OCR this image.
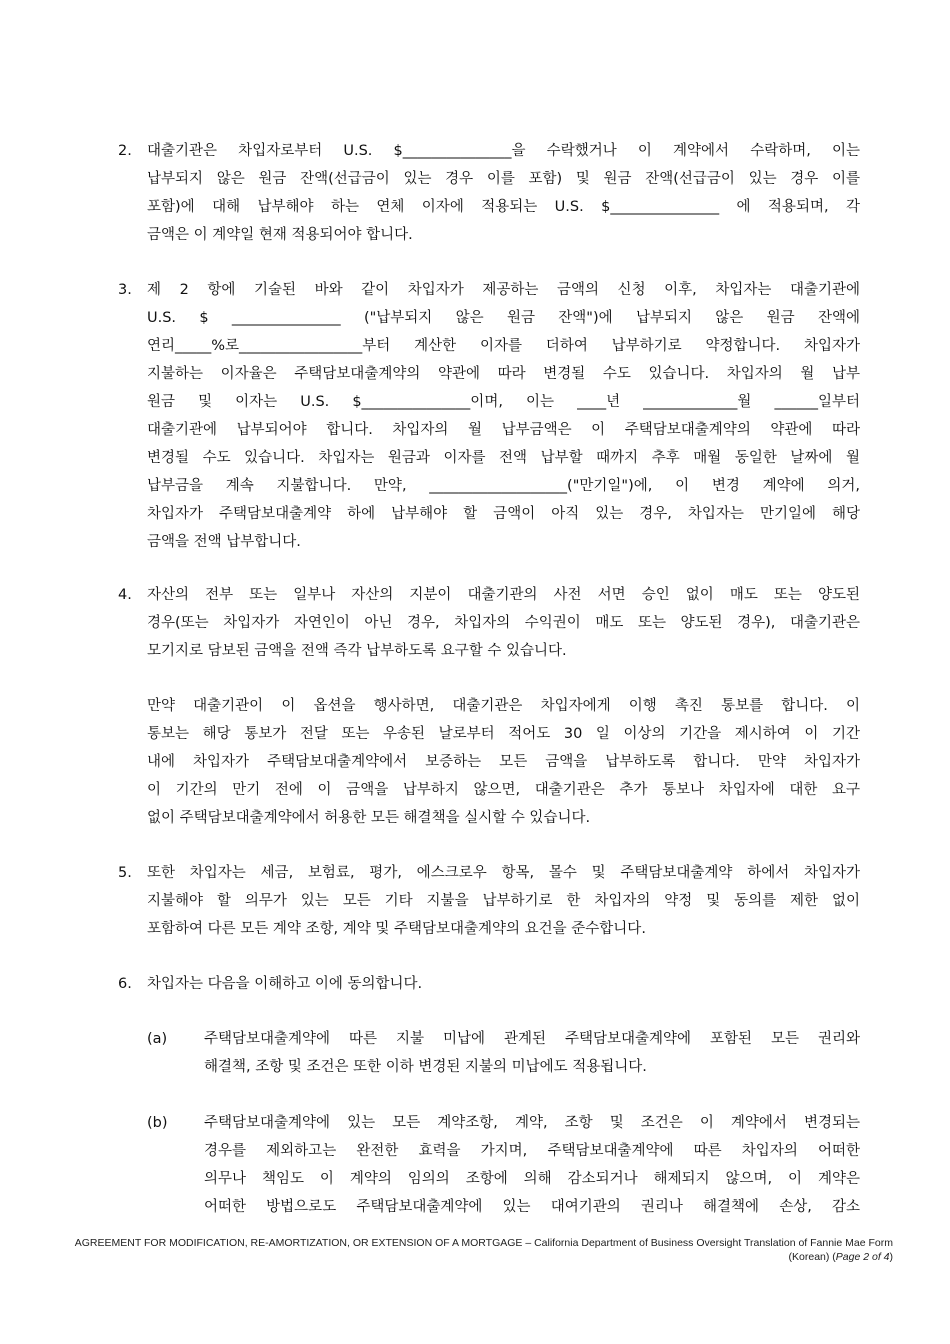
2. 대출기관은 차입자로부터 U.S. $_______________을 수락했거나 이 계약에서 수락하며, 이는
납부되지 않은 원금 잔액(선급금이 있는 경우 이를 포함) 및 원금 잔액(선급금이 있는 경우 이를
포함)에 대해 납부해야 하는 연체 이자에 적용되는 U.S. $_______________ 에 적용되며, 각
금액은 이 계약일 현재 적용되어야 합니다.
3. 제 2 항에 기술된 바와 같이 차입자가 제공하는 금액의 신청 이후, 차입자는 대출기관에
U.S. $ _______________ ("납부되지 않은 원금 잔액")에 납부되지 않은 원금 잔액에
연리_____%로_________________부터 계산한 이자를 더하여 납부하기로 약정합니다. 차입자가
지불하는 이자율은 주택담보대출계약의 약관에 따라 변경될 수도 있습니다. 차입자의 월 납부
원금 및 이자는 U.S. $_______________이며, 이는 ____년 _____________월 ______일부터
대출기관에 납부되어야 합니다. 차입자의 월 납부금액은 이 주택담보대출계약의 약관에 따라
변경될 수도 있습니다. 차입자는 원금과 이자를 전액 납부할 때까지 추후 매월 동일한 날짜에 월
납부금을 계속 지불합니다. 만약, ___________________("만기일")에, 이 변경 계약에 의거,
차입자가 주택담보대출계약 하에 납부해야 할 금액이 아직 있는 경우, 차입자는 만기일에 해당
금액을 전액 납부합니다.
4. 자산의 전부 또는 일부나 자산의 지분이 대출기관의 사전 서면 승인 없이 매도 또는 양도된
경우(또는 차입자가 자연인이 아닌 경우, 차입자의 수익권이 매도 또는 양도된 경우), 대출기관은
모기지로 담보된 금액을 전액 즉각 납부하도록 요구할 수 있습니다.
만약 대출기관이 이 옵션을 행사하면, 대출기관은 차입자에게 이행 촉진 통보를 합니다. 이
통보는 해당 통보가 전달 또는 우송된 날로부터 적어도 30 일 이상의 기간을 제시하여 이 기간
내에 차입자가 주택담보대출계약에서 보증하는 모든 금액을 납부하도록 합니다. 만약 차입자가
이 기간의 만기 전에 이 금액을 납부하지 않으면, 대출기관은 추가 통보나 차입자에 대한 요구
없이 주택담보대출계약에서 허용한 모든 해결책을 실시할 수 있습니다.
5. 또한 차입자는 세금, 보험료, 평가, 에스크로우 항목, 몰수 및 주택담보대출계약 하에서 차입자가
지불해야 할 의무가 있는 모든 기타 지불을 납부하기로 한 차입자의 약정 및 동의를 제한 없이
포함하여 다른 모든 계약 조항, 계약 및 주택담보대출계약의 요건을 준수합니다.
6. 차입자는 다음을 이해하고 이에 동의합니다.
(a)	주택담보대출계약에 따른 지불 미납에 관계된 주택담보대출계약에 포함된 모든 권리와
해결책, 조항 및 조건은 또한 이하 변경된 지불의 미납에도 적용됩니다.
(b)	주택담보대출계약에 있는 모든 계약조항, 계약, 조항 및 조건은 이 계약에서 변경되는
경우를 제외하고는 완전한 효력을 가지며, 주택담보대출계약에 따른 차입자의 어떠한
의무나 책임도 이 계약의 임의의 조항에 의해 감소되거나 해제되지 않으며, 이 계약은
어떠한 방법으로도 주택담보대출계약에 있는 대여기관의 권리나 해결책에 손상, 감소
AGREEMENT FOR MODIFICATION, RE-AMORTIZATION, OR EXTENSION OF A MORTGAGE – California Department of Business Oversight Translation of Fannie Mae Form
(Korean) (Page 2 of 4)
